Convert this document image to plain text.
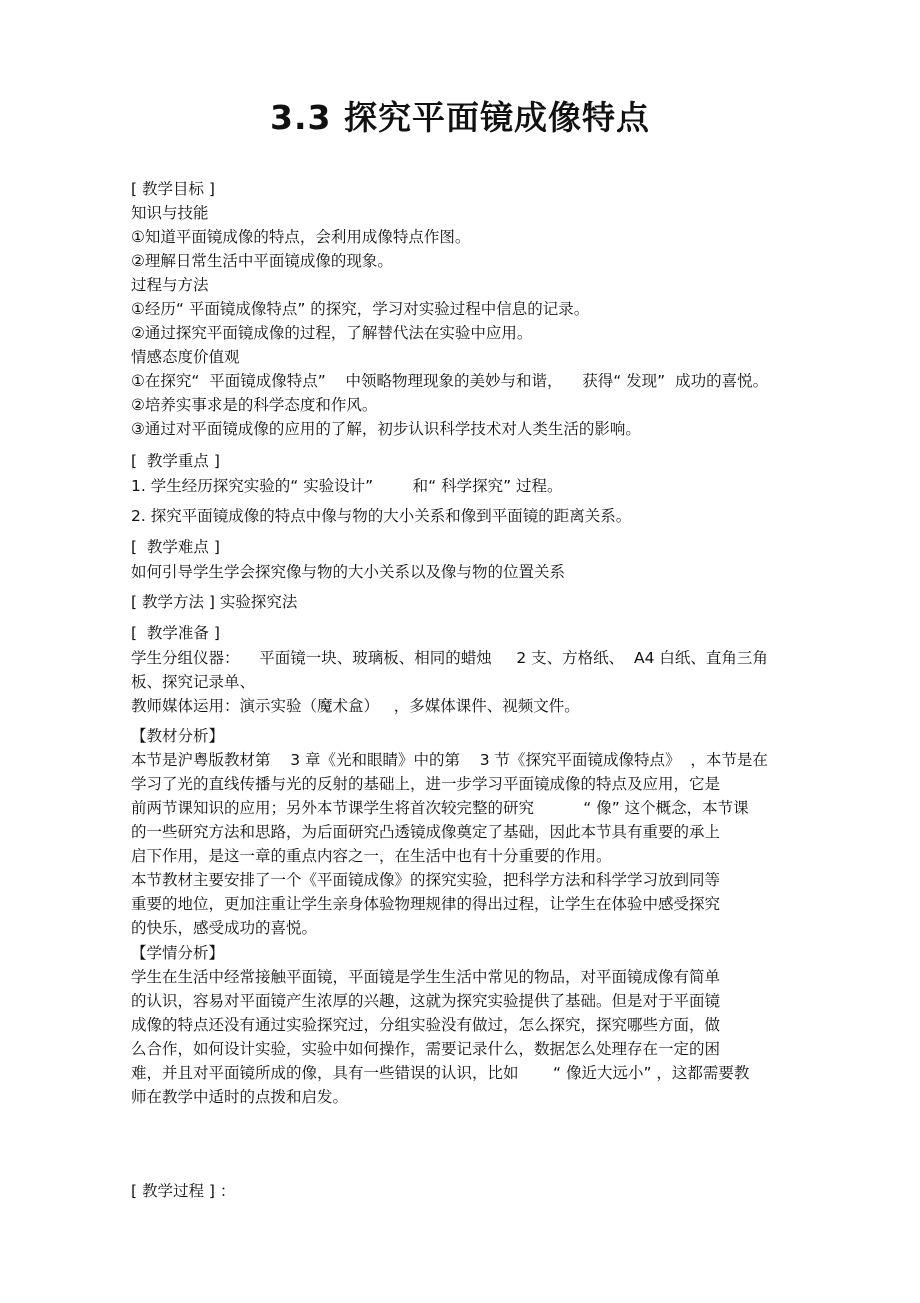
3.3 探究平面镜成像特点
[ 教学目标 ]
知识与技能
①知道平面镜成像的特点，会利用成像特点作图。
②理解日常生活中平面镜成像的现象。
过程与方法
①经历“ 平面镜成像特点” 的探究，学习对实验过程中信息的记录。
②通过探究平面镜成像的过程，了解替代法在实验中应用。
情感态度价值观
①在探究“  平面镜成像特点”    中领略物理现象的美妙与和谐，    获得“ 发现”  成功的喜悦。
②培养实事求是的科学态度和作风。
③通过对平面镜成像的应用的了解，初步认识科学技术对人类生活的影响。
[  教学重点 ]
1. 学生经历探究实验的“ 实验设计”        和“ 科学探究” 过程。
2. 探究平面镜成像的特点中像与物的大小关系和像到平面镜的距离关系。
[  教学难点 ]
如何引导学生学会探究像与物的大小关系以及像与物的位置关系
[ 教学方法 ] 实验探究法
[  教学准备 ]
学生分组仪器：    平面镜一块、玻璃板、相同的蜡烛     2 支、方格纸、  A4 白纸、直角三角
板、探究记录单、
教师媒体运用：演示实验（魔术盒）   ，多媒体课件、视频文件。
【教材分析】
本节是沪粤版教材第    3 章《光和眼睛》中的第    3 节《探究平面镜成像特点》  ，本节是在
学习了光的直线传播与光的反射的基础上，进一步学习平面镜成像的特点及应用，它是
前两节课知识的应用；另外本节课学生将首次较完整的研究          “ 像” 这个概念，本节课
的一些研究方法和思路，为后面研究凸透镜成像奠定了基础，因此本节具有重要的承上
启下作用，是这一章的重点内容之一，在生活中也有十分重要的作用。
本节教材主要安排了一个《平面镜成像》的探究实验，把科学方法和科学学习放到同等
重要的地位，更加注重让学生亲身体验物理规律的得出过程，让学生在体验中感受探究
的快乐，感受成功的喜悦。
【学情分析】
学生在生活中经常接触平面镜，平面镜是学生生活中常见的物品，对平面镜成像有简单
的认识，容易对平面镜产生浓厚的兴趣，这就为探究实验提供了基础。但是对于平面镜
成像的特点还没有通过实验探究过，分组实验没有做过，怎么探究，探究哪些方面，做
么合作，如何设计实验，实验中如何操作，需要记录什么，数据怎么处理存在一定的困
难，并且对平面镜所成的像，具有一些错误的认识，比如       “ 像近大远小” ，这都需要教
师在教学中适时的点拨和启发。
[ 教学过程 ] ：
